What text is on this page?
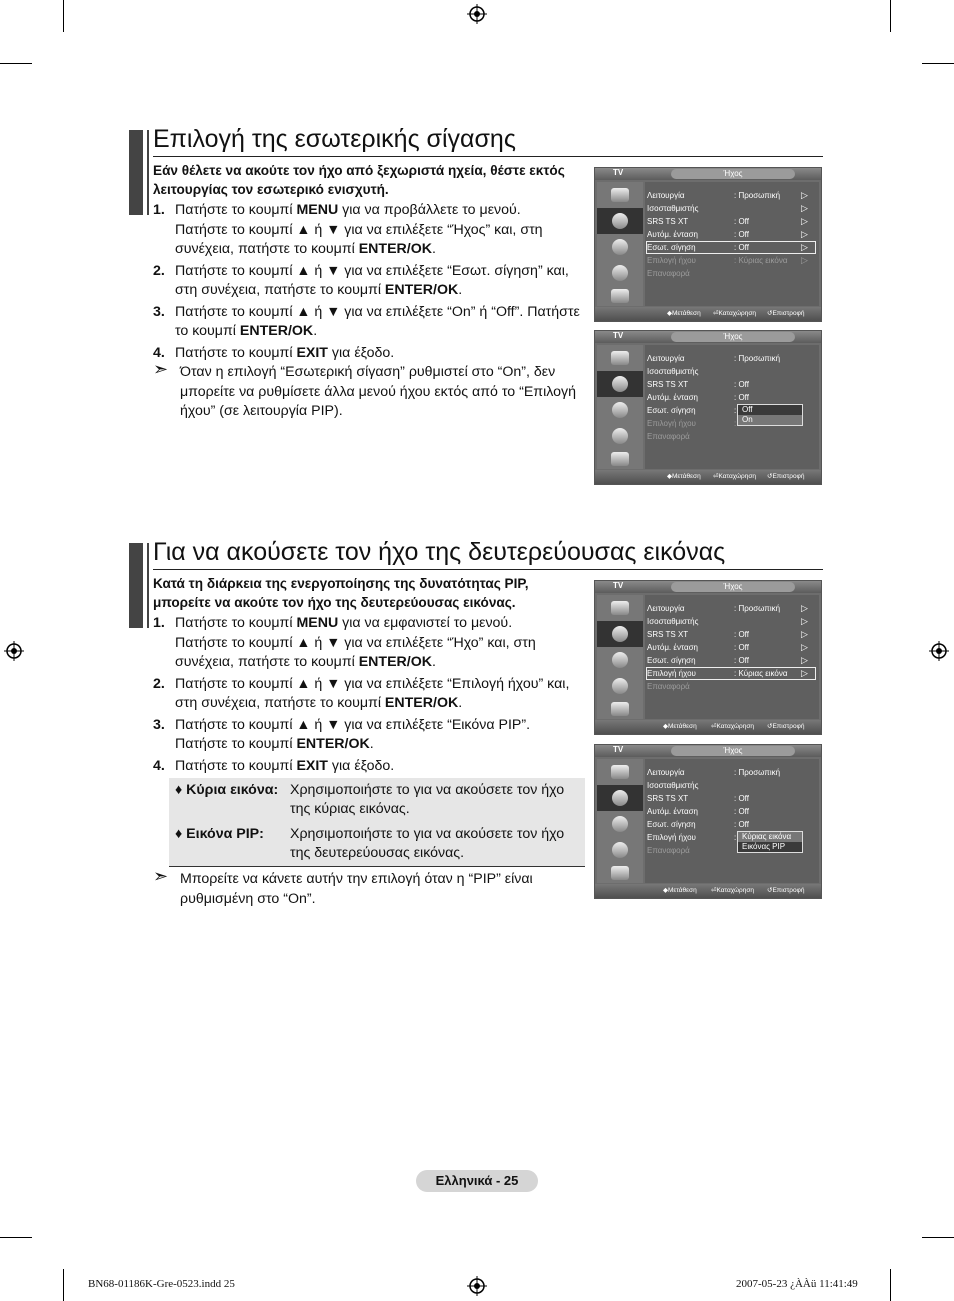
Επιλογή της εσωτερικής σίγασης
Εάν θέλετε να ακούτε τον ήχο από ξεχωριστά ηχεία, θέστε εκτός λειτουργίας τον εσωτερικό ενισχυτή.
1. Πατήστε το κουμπί MENU για να προβάλλετε το μενού.
Πατήστε το κουμπί ▲ ή ▼ για να επιλέξετε “Ήχος” και, στη συνέχεια, πατήστε το κουμπί ENTER/OK.
2. Πατήστε το κουμπί ▲ ή ▼ για να επιλέξετε “Εσωτ. σίγηση” και, στη συνέχεια, πατήστε το κουμπί ENTER/OK.
3. Πατήστε το κουμπί ▲ ή ▼ για να επιλέξετε “On” ή “Off”. Πατήστε το κουμπί ENTER/OK.
4. Πατήστε το κουμπί EXIT για έξοδο.
➣ Όταν η επιλογή “Εσωτερική σίγαση” ρυθμιστεί στο “On”, δεν μπορείτε να ρυθμίσετε άλλα μενού ήχου εκτός από το “Επιλογή ήχου” (σε λειτουργία PIP).
Για να ακούσετε τον ήχο της δευτερεύουσας εικόνας
Κατά τη διάρκεια της ενεργοποίησης της δυνατότητας PIP, μπορείτε να ακούτε τον ήχο της δευτερεύουσας εικόνας.
1. Πατήστε το κουμπί MENU για να εμφανιστεί το μενού.
Πατήστε το κουμπί ▲ ή ▼ για να επιλέξετε “Ήχο” και, στη συνέχεια, πατήστε το κουμπί ENTER/OK.
2. Πατήστε το κουμπί ▲ ή ▼ για να επιλέξετε “Επιλογή ήχου” και, στη συνέχεια, πατήστε το κουμπί ENTER/OK.
3. Πατήστε το κουμπί ▲ ή ▼ για να επιλέξετε “Εικόνα PIP”. Πατήστε το κουμπί ENTER/OK.
4. Πατήστε το κουμπί EXIT για έξοδο.
♦ Κύρια εικόνα: Χρησιμοποιήστε το για να ακούσετε τον ήχο της κύριας εικόνας.
♦ Εικόνα PIP: Χρησιμοποιήστε το για να ακούσετε τον ήχο της δευτερεύουσας εικόνας.
➣ Μπορείτε να κάνετε αυτήν την επιλογή όταν η “PIP” είναι ρυθμισμένη στο “On”.
TV	Ήχος
Λειτουργία	: Προσωπική ▷
Ισοσταθμιστής	▷
SRS TS XT	: Off	▷
Αυτόμ. ένταση	: Off	▷
Εσωτ. σίγηση	: Off	▷
Επιλογή ήχου	: Κύριας εικόνα ▷
Επαναφορά
◆ Μετάθεση ⏎ Καταχώρηση ↺ Επιστροφή
TV	Ήχος
Λειτουργία	: Προσωπική
Ισοσταθμιστής
SRS TS XT	: Off
Αυτόμ. ένταση	: Off
Εσωτ. σίγηση	:
Επιλογή ήχου	:
Επαναφορά
Off
On
◆ Μετάθεση ⏎ Καταχώρηση ↺ Επιστροφή
TV	Ήχος
Λειτουργία	: Προσωπική ▷
Ισοσταθμιστής	▷
SRS TS XT	: Off	▷
Αυτόμ. ένταση	: Off	▷
Εσωτ. σίγηση	: Off	▷
Επιλογή ήχου	: Κύριας εικόνα ▷
Επαναφορά
◆ Μετάθεση ⏎ Καταχώρηση ↺ Επιστροφή
TV	Ήχος
Λειτουργία	: Προσωπική
Ισοσταθμιστής
SRS TS XT	: Off
Αυτόμ. ένταση	: Off
Εσωτ. σίγηση	: Off
Επιλογή ήχου	:
Επαναφορά
Κύριας εικόνα
Εικόνας PIP
◆ Μετάθεση ⏎ Καταχώρηση ↺ Επιστροφή
Ελληνικά - 25
BN68-01186K-Gre-0523.indd 25	2007-05-23 ¿ÀÀü 11:41:49
